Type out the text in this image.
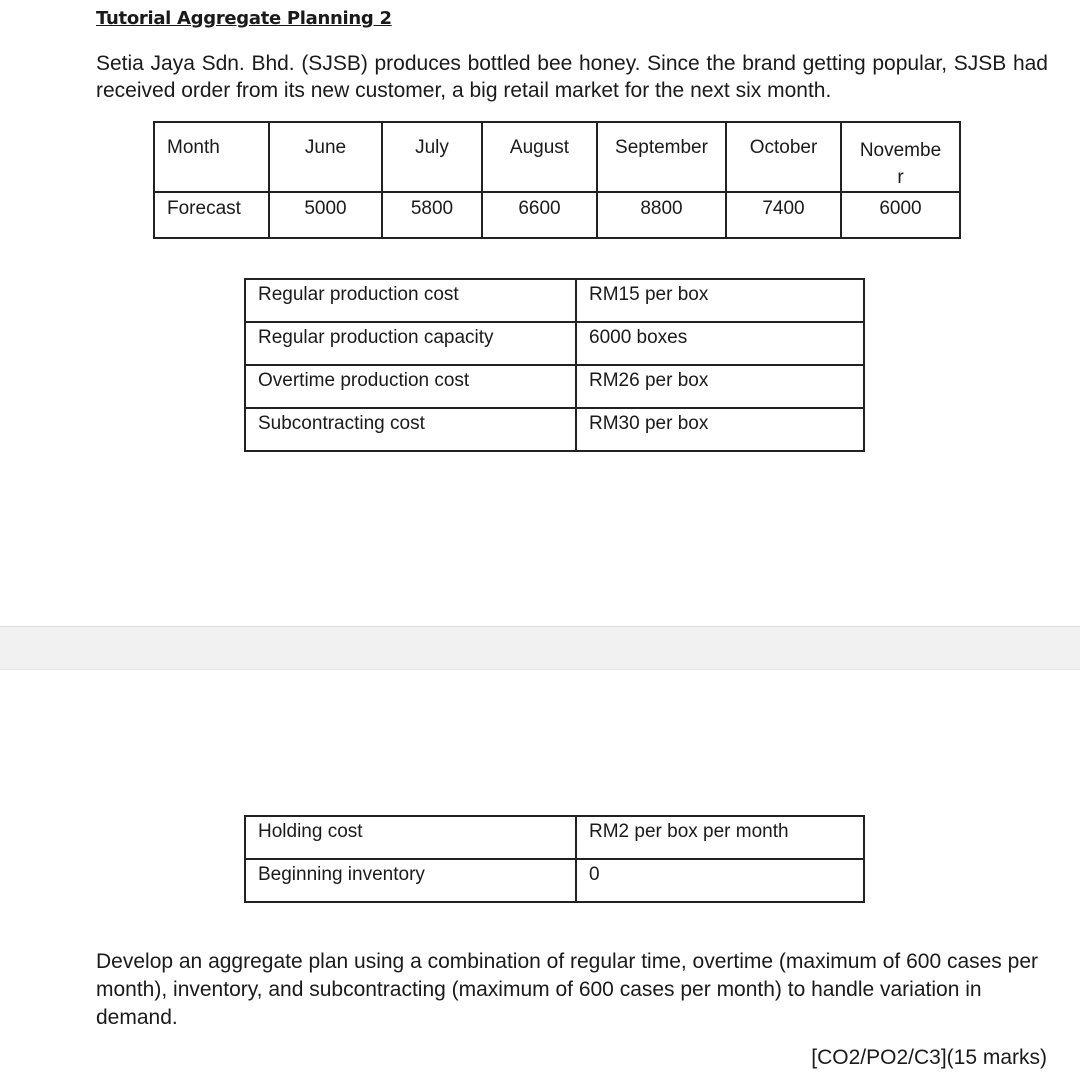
Tutorial Aggregate Planning 2
Setia Jaya Sdn. Bhd. (SJSB) produces bottled bee honey. Since the brand getting popular, SJSB had received order from its new customer, a big retail market for the next six month.
Month	June	July	August	September	October	Novembe
r
Forecast	5000	5800	6600	8800	7400	6000
Regular production cost	RM15 per box
Regular production capacity	6000 boxes
Overtime production cost	RM26 per box
Subcontracting cost	RM30 per box
Holding cost	RM2 per box per month
Beginning inventory	0
Develop an aggregate plan using a combination of regular time, overtime (maximum of 600 cases per month), inventory, and subcontracting (maximum of 600 cases per month) to handle variation in demand.
[CO2/PO2/C3](15 marks)
